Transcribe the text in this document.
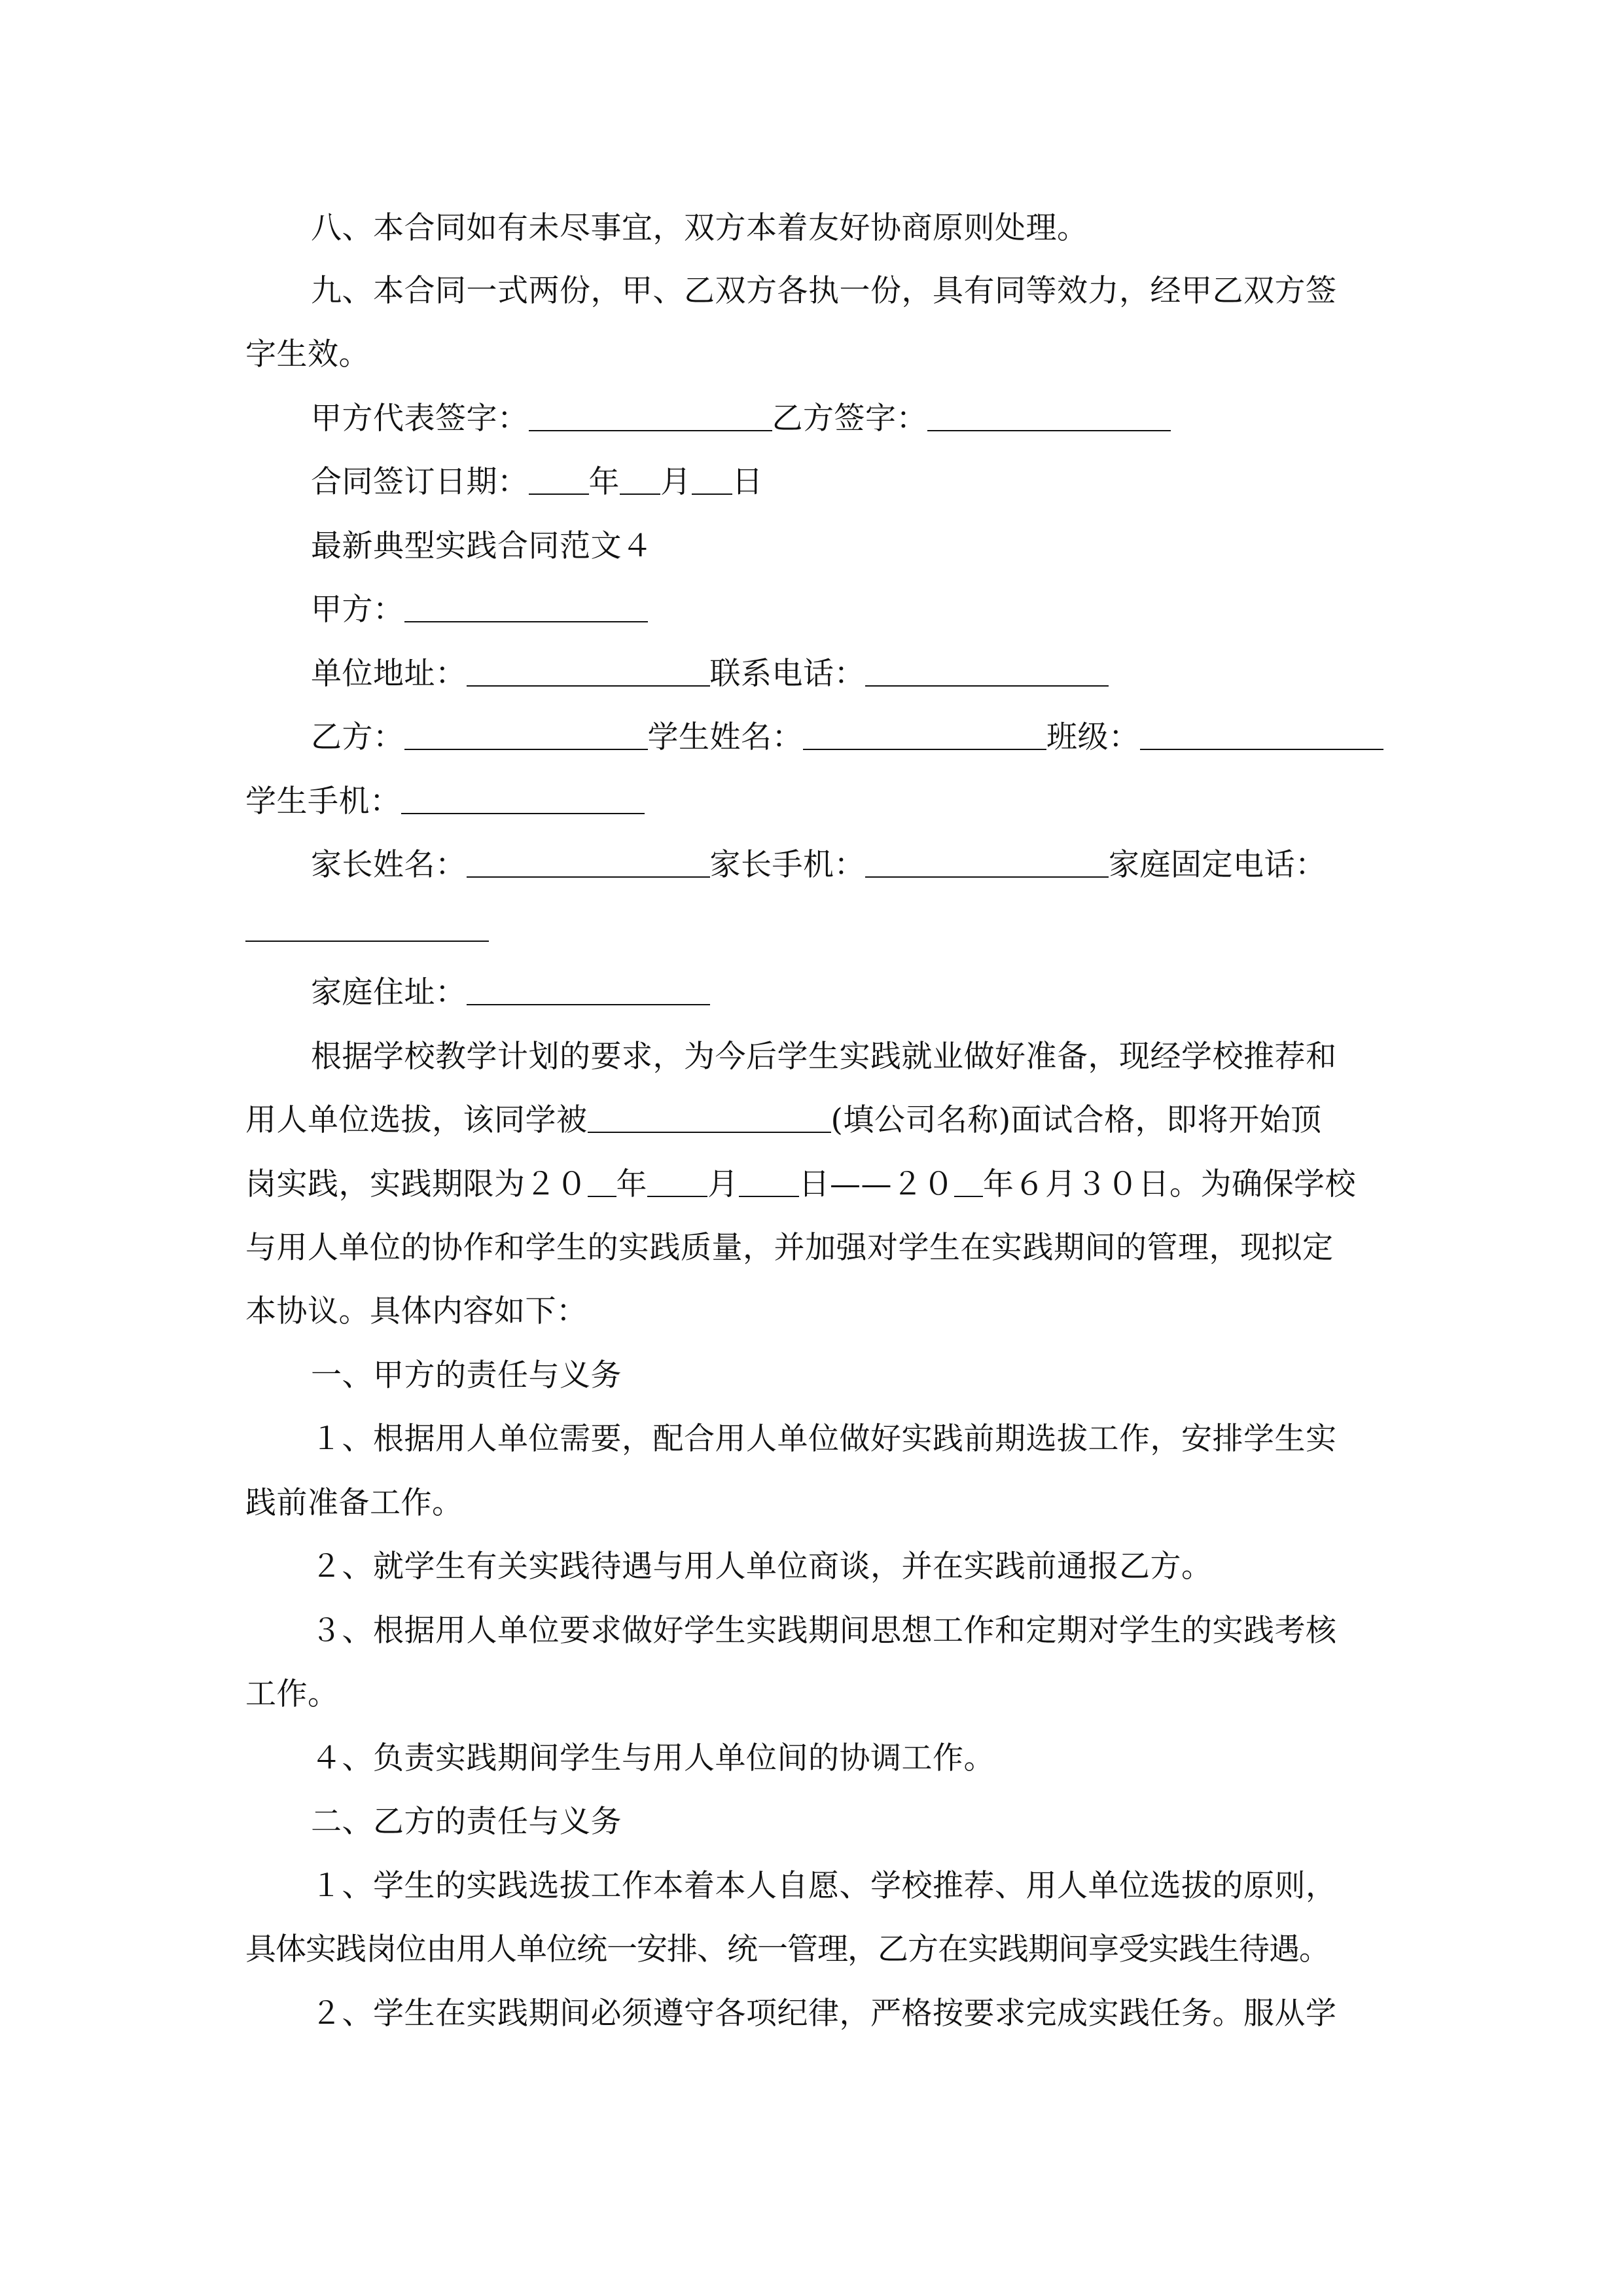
八、本合同如有未尽事宜，双方本着友好协商原则处理。
九、本合同一式两份，甲、乙双方各执一份，具有同等效力，经甲乙双方签
字生效。
甲方代表签字：	乙方签字：
合同签订日期： 年 月 日
最新典型实践合同范文４
甲方：
单位地址：	联系电话：
乙方：	学生姓名：	班级：
学生手机：
家长姓名：	家长手机：	家庭固定电话：
家庭住址：
根据学校教学计划的要求，为今后学生实践就业做好准备，现经学校推荐和
用人单位选拔，该同学被	(填公司名称)面试合格，即将开始顶
岗实践，实践期限为２０ 年 月 日——２０ 年６月３０日。为确保学校
与用人单位的协作和学生的实践质量，并加强对学生在实践期间的管理，现拟定
本协议。具体内容如下：
一、甲方的责任与义务
１、根据用人单位需要，配合用人单位做好实践前期选拔工作，安排学生实
践前准备工作。
２、就学生有关实践待遇与用人单位商谈，并在实践前通报乙方。
３、根据用人单位要求做好学生实践期间思想工作和定期对学生的实践考核
工作。
４、负责实践期间学生与用人单位间的协调工作。
二、乙方的责任与义务
１、学生的实践选拔工作本着本人自愿、学校推荐、用人单位选拔的原则，
具体实践岗位由用人单位统一安排、统一管理，乙方在实践期间享受实践生待遇。
２、学生在实践期间必须遵守各项纪律，严格按要求完成实践任务。服从学
